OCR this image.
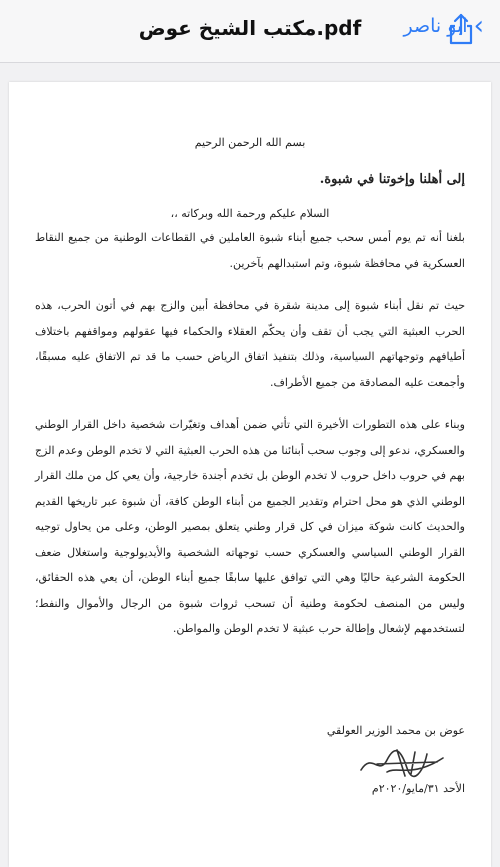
مكتب الشيخ عوض.pdf	ابو ناصر ‹
بسم الله الرحمن الرحيم
إلى أهلنا وإخوتنا في شبوة.
السلام عليكم ورحمة الله وبركاته ،،
بلغنا أنه تم يوم أمس سحب جميع أبناء شبوة العاملين في القطاعات الوطنية من جميع النقاط العسكرية في محافظة شبوة، وتم استبدالهم بآخرين.
حيث تم نقل أبناء شبوة إلى مدينة شقرة في محافظة أبين والزج بهم في أتون الحرب، هذه الحرب العبثية التي يجب أن تقف وأن يحكّم العقلاء والحكماء فيها عقولهم ومواقفهم باختلاف أطيافهم وتوجهاتهم السياسية، وذلك بتنفيذ اتفاق الرياض حسب ما قد تم الاتفاق عليه مسبقًا، وأجمعت عليه المصادقة من جميع الأطراف.
وبناء على هذه التطورات الأخيرة التي تأتي ضمن أهداف وتغيّرات شخصية داخل القرار الوطني والعسكري، ندعو إلى وجوب سحب أبنائنا من هذه الحرب العبثية التي لا تخدم الوطن وعدم الزج بهم في حروب داخل حروب لا تخدم الوطن بل تخدم أجندة خارجية، وأن يعي كل من ملك القرار الوطني الذي هو محل احترام وتقدير الجميع من أبناء الوطن كافة، أن شبوة عبر تاريخها القديم والحديث كانت شوكة ميزان في كل قرار وطني يتعلق بمصير الوطن، وعلى من يحاول توجيه القرار الوطني السياسي والعسكري حسب توجهاته الشخصية والأيديولوجية واستغلال ضعف الحكومة الشرعية حاليًا وهي التي توافق عليها سابقًا جميع أبناء الوطن، أن يعي هذه الحقائق، وليس من المنصف لحكومة وطنية أن تسحب ثروات شبوة من الرجال والأموال والنفط؛ لتستخدمهم لإشعال وإطالة حرب عبثية لا تخدم الوطن والمواطن.
عوض بن محمد الوزير العولقي
الأحد ٣١/مايو/٢٠٢٠م
